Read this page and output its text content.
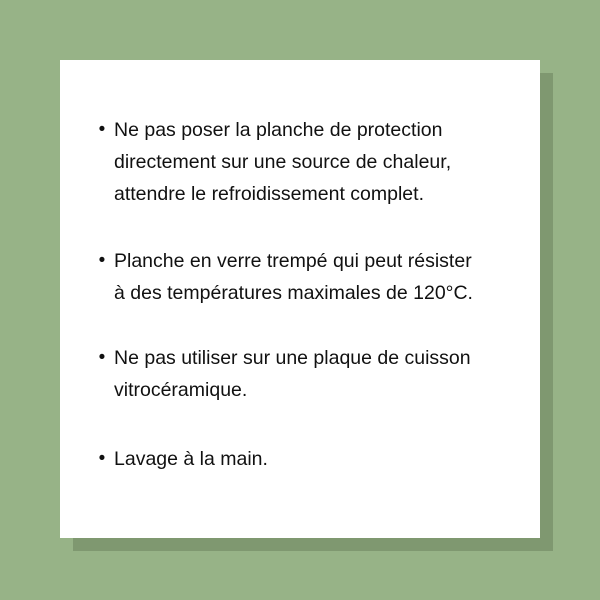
• Ne pas poser la planche de protection
directement sur une source de chaleur,
attendre le refroidissement complet.
• Planche en verre trempé qui peut résister
à des températures maximales de 120°C.
• Ne pas utiliser sur une plaque de cuisson
vitrocéramique.
• Lavage à la main.
